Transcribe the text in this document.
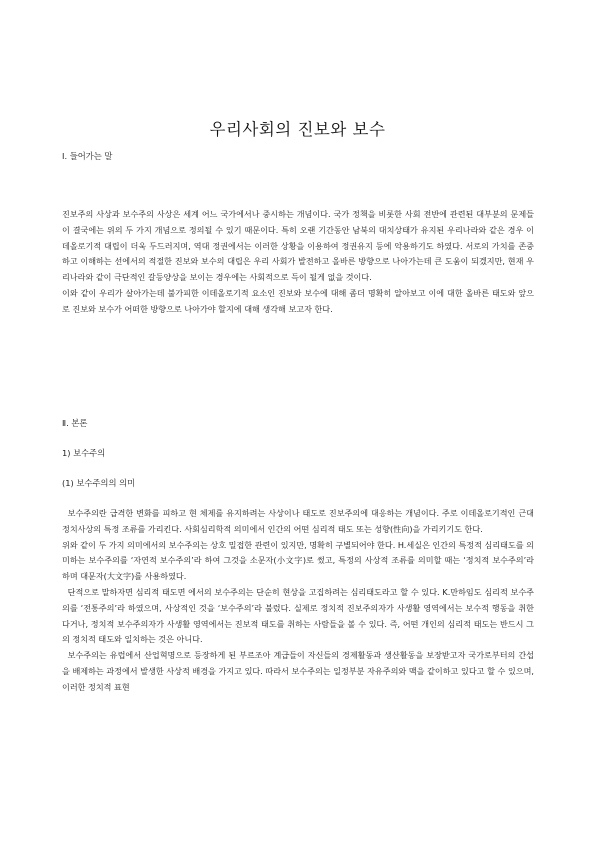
우리사회의 진보와 보수
Ⅰ. 들어가는 말

진보주의 사상과 보수주의 사상은 세계 어느 국가에서나 중시하는 개념이다. 국가 정책을 비롯한 사회 전반에 관련된 대부분의 문제들이 결국에는 위의 두 가지 개념으로 정의될 수 있기 때문이다. 특히 오랜 기간동안 남북의 대치상태가 유지된 우리나라와 같은 경우 이데올로기적 대립이 더욱 두드러지며, 역대 정권에서는 이러한 상황을 이용하여 정권유지 등에 악용하기도 하였다. 서로의 가치를 존중하고 이해하는 선에서의 적절한 진보와 보수의 대립은 우리 사회가 발전하고 올바른 방향으로 나아가는데 큰 도움이 되겠지만, 현재 우리나라와 같이 극단적인 갈등양상을 보이는 경우에는 사회적으로 득이 될게 없을 것이다.

이와 같이 우리가 살아가는데 불가피한 이데올로기적 요소인 진보와 보수에 대해 좀더 명확히 알아보고 이에 대한 올바른 태도와 앞으로 진보와 보수가 어떠한 방향으로 나아가야 할지에 대해 생각해 보고자 한다.

Ⅱ. 본론
1) 보수주의
(1) 보수주의의 의미

보수주의란 급격한 변화를 피하고 현 체제를 유지하려는 사상이나 태도로 진보주의에 대응하는 개념이다. 주로 이데올로기적인 근대 정치사상의 특정 조류를 가리킨다. 사회심리학적 의미에서 인간의 어떤 심리적 태도 또는 성향(性向)을 가리키기도 한다.

위와 같이 두 가지 의미에서의 보수주의는 상호 밀접한 관련이 있지만, 명확히 구별되어야 한다. H.세실은 인간의 특정적 심리태도를 의미하는 보수주의를 ‘자연적 보수주의’라 하여 그것을 소문자(小文字)로 썼고, 특정의 사상적 조류를 의미할 때는 ‘정치적 보수주의’라 하며 대문자(大文字)를 사용하였다.

단적으로 말하자면 심리적 태도면 에서의 보수주의는 단순히 현상을 고집하려는 심리태도라고 할 수 있다. K.만하임도 심리적 보수주의를 ‘전통주의’라 하였으며, 사상적인 것을 ‘보수주의’라 불렀다. 실제로 정치적 진보주의자가 사생활 영역에서는 보수적 행동을 취한다거나, 정치적 보수주의자가 사생활 영역에서는 진보적 태도를 취하는 사람들을 볼 수 있다. 즉, 어떤 개인의 심리적 태도는 반드시 그의 정치적 태도와 일치하는 것은 아니다.

보수주의는 유럽에서 산업혁명으로 등장하게 된 부르조아 계급들이 자신들의 경제활동과 생산활동을 보장받고자 국가로부터의 간섭을 배제하는 과정에서 발생한 사상적 배경을 가지고 있다. 따라서 보수주의는 일정부분 자유주의와 맥을 같이하고 있다고 할 수 있으며, 이러한 정치적 표현
